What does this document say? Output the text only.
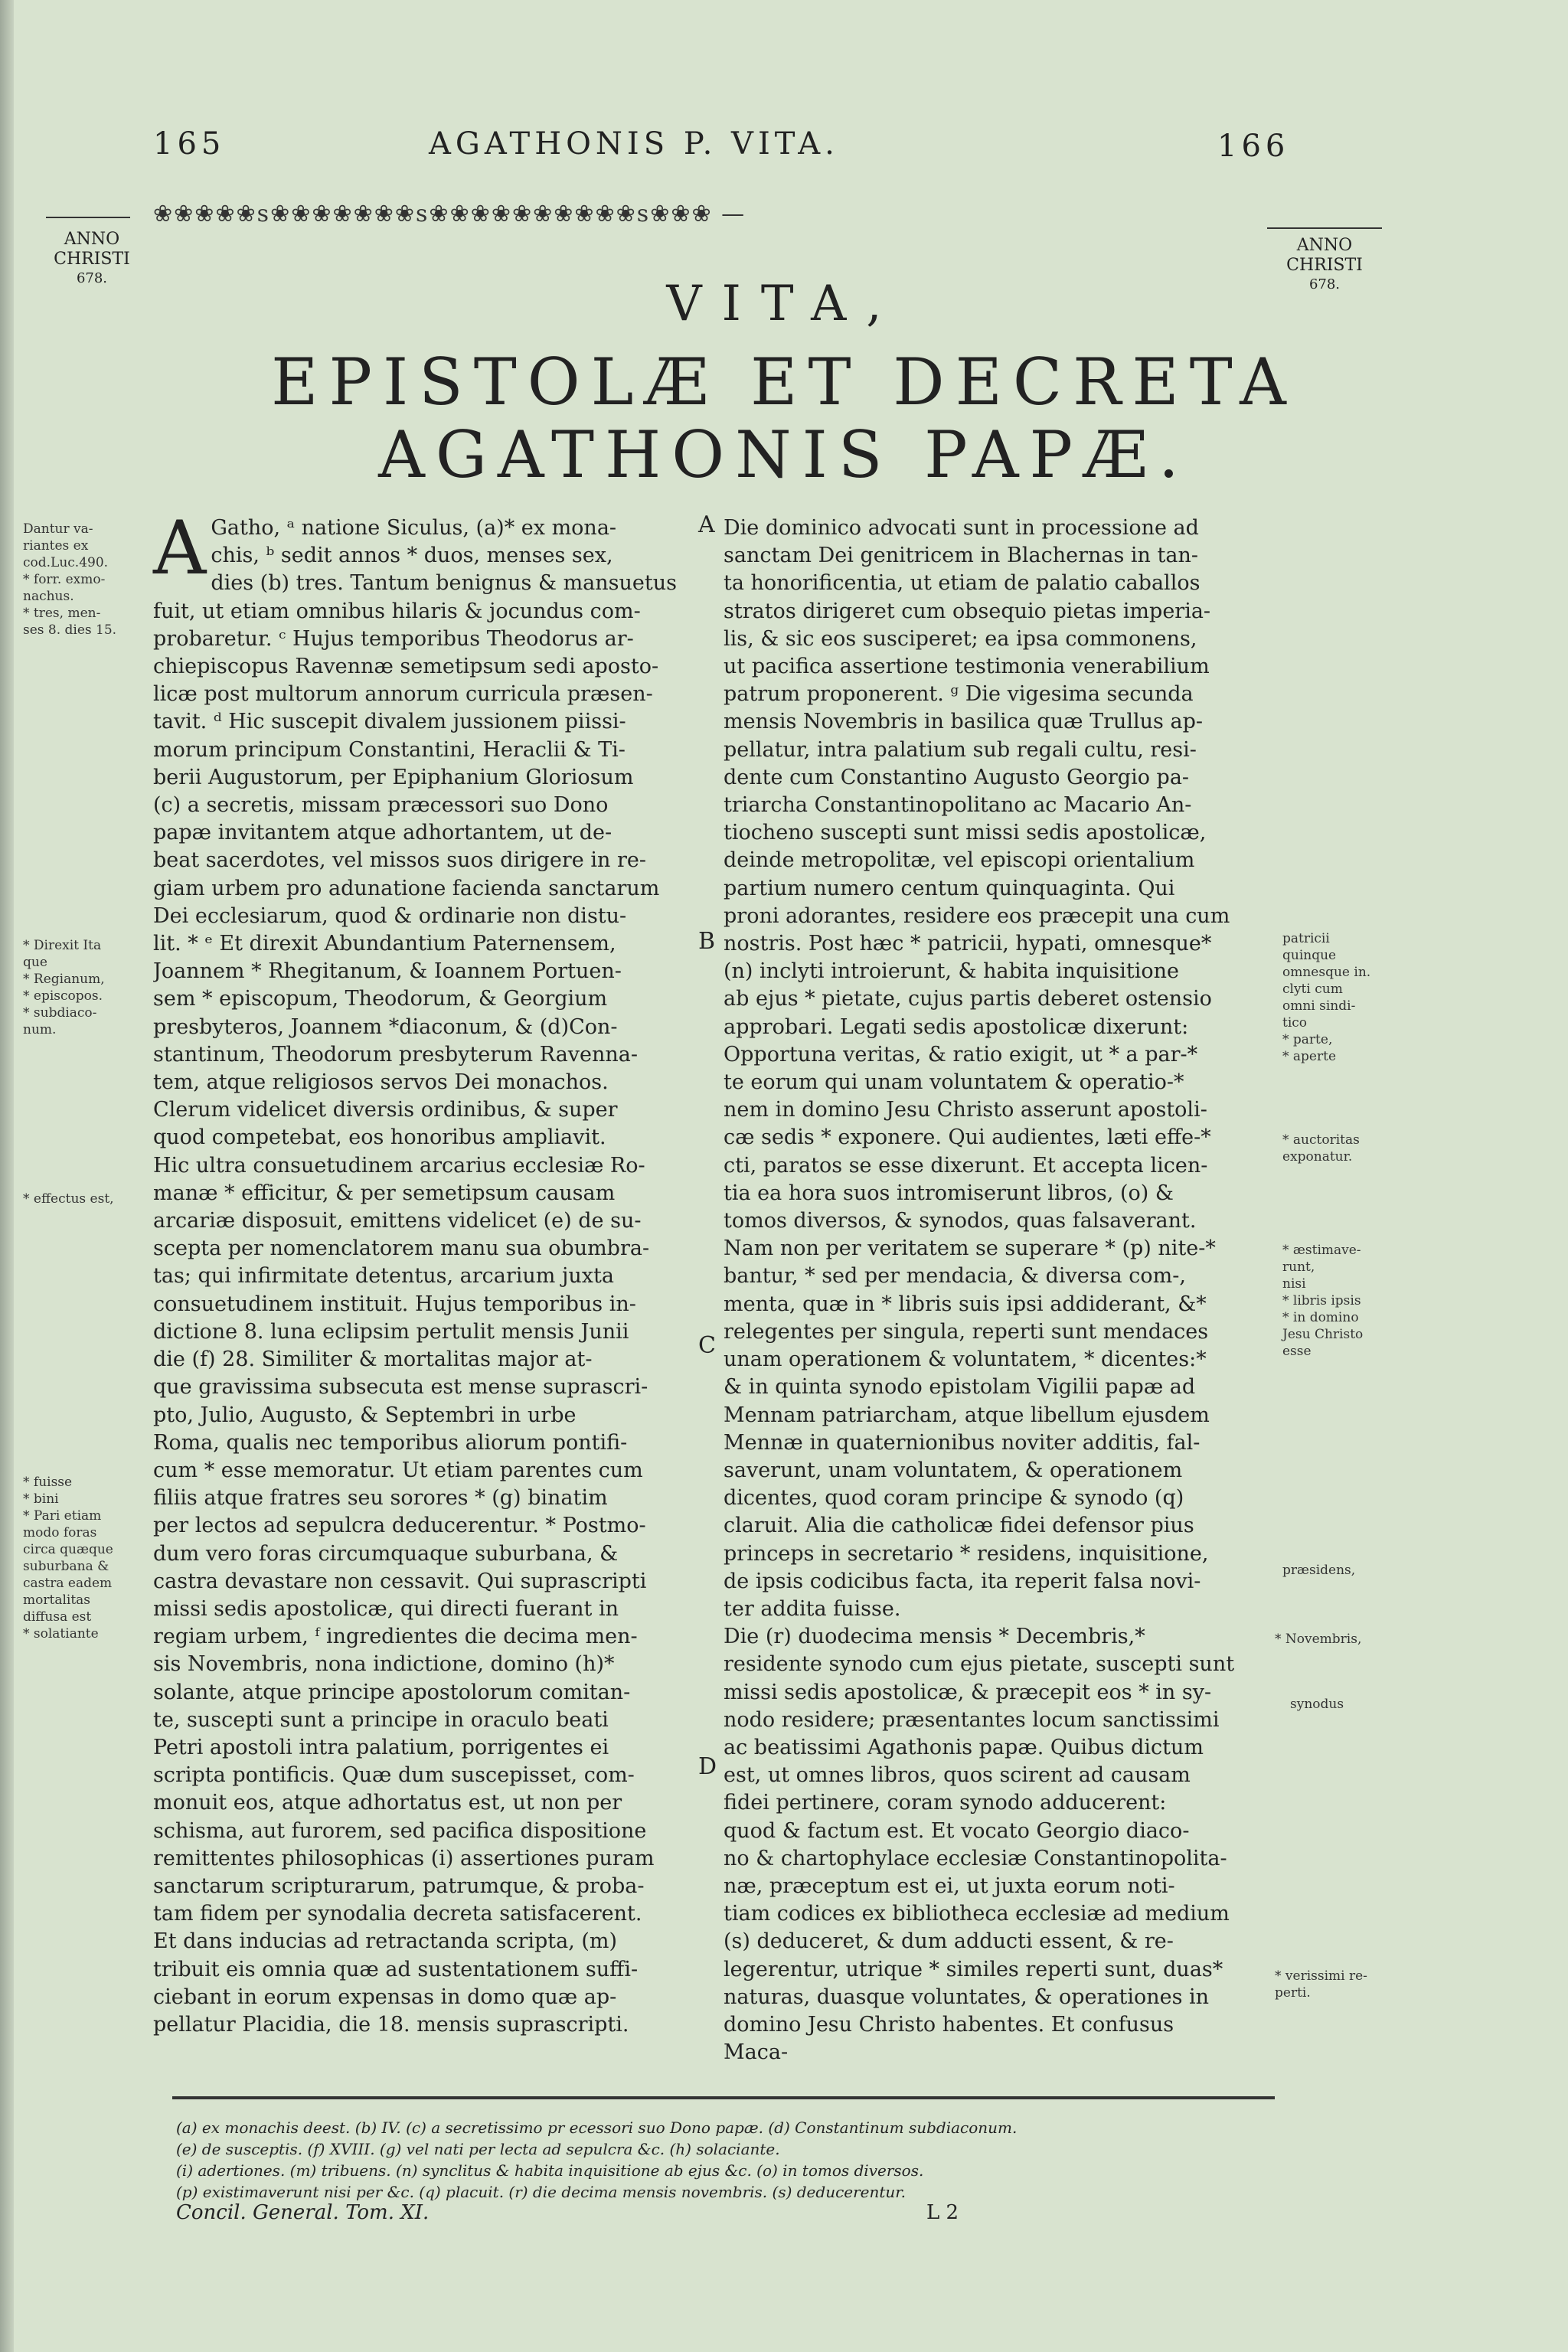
165	AGATHONIS P. VITA.	166
❀❀❀❀❀s❀❀❀❀❀❀❀s❀❀❀❀❀❀❀❀❀❀s❀❀❀ —
ANNO
CHRISTI
678.
ANNO
CHRISTI
678.
VITA,
EPISTOLÆ ET DECRETA
AGATHONIS PAPÆ.
A Gatho, ᵃ natione Siculus, (a)* ex mona-
chis, ᵇ sedit annos * duos, menses sex,
dies (b) tres. Tantum benignus & mansuetus
fuit, ut etiam omnibus hilaris & jocundus com-
probaretur. ᶜ Hujus temporibus Theodorus ar-
chiepiscopus Ravennæ semetipsum sedi aposto-
licæ post multorum annorum curricula præsen-
tavit. ᵈ Hic suscepit divalem jussionem piissi-
morum principum Constantini, Heraclii & Ti-
berii Augustorum, per Epiphanium Gloriosum
(c) a secretis, missam præcessori suo Dono
papæ invitantem atque adhortantem, ut de-
beat sacerdotes, vel missos suos dirigere in re-
giam urbem pro adunatione facienda sanctarum
Dei ecclesiarum, quod & ordinarie non distu-
lit. * ᵉ Et direxit Abundantium Paternensem,
Joannem * Rhegitanum, & Ioannem Portuen-
sem * episcopum, Theodorum, & Georgium
presbyteros, Joannem *diaconum, & (d)Con-
stantinum, Theodorum presbyterum Ravenna-
tem, atque religiosos servos Dei monachos.
Clerum videlicet diversis ordinibus, & super
quod competebat, eos honoribus ampliavit.
Hic ultra consuetudinem arcarius ecclesiæ Ro-
manæ * efficitur, & per semetipsum causam
arcariæ disposuit, emittens videlicet (e) de su-
scepta per nomenclatorem manu sua obumbra-
tas; qui infirmitate detentus, arcarium juxta
consuetudinem instituit. Hujus temporibus in-
dictione 8. luna eclipsim pertulit mensis Junii
die (f) 28. Similiter & mortalitas major at-
que gravissima subsecuta est mense suprascri-
pto, Julio, Augusto, & Septembri in urbe
Roma, qualis nec temporibus aliorum pontifi-
cum * esse memoratur. Ut etiam parentes cum
filiis atque fratres seu sorores * (g) binatim
per lectos ad sepulcra deducerentur. * Postmo-
dum vero foras circumquaque suburbana, &
castra devastare non cessavit. Qui suprascripti
missi sedis apostolicæ, qui directi fuerant in
regiam urbem, ᶠ ingredientes die decima men-
sis Novembris, nona indictione, domino (h)*
solante, atque principe apostolorum comitan-
te, suscepti sunt a principe in oraculo beati
Petri apostoli intra palatium, porrigentes ei
scripta pontificis. Quæ dum suscepisset, com-
monuit eos, atque adhortatus est, ut non per
schisma, aut furorem, sed pacifica dispositione
remittentes philosophicas (i) assertiones puram
sanctarum scripturarum, patrumque, & proba-
tam fidem per synodalia decreta satisfacerent.
Et dans inducias ad retractanda scripta, (m)
tribuit eis omnia quæ ad sustentationem suffi-
ciebant in eorum expensas in domo quæ ap-
pellatur Placidia, die 18. mensis suprascripti.
Die dominico advocati sunt in processione ad
sanctam Dei genitricem in Blachernas in tan-
ta honorificentia, ut etiam de palatio caballos
stratos dirigeret cum obsequio pietas imperia-
lis, & sic eos susciperet; ea ipsa commonens,
ut pacifica assertione testimonia venerabilium
patrum proponerent. ᵍ Die vigesima secunda
mensis Novembris in basilica quæ Trullus ap-
pellatur, intra palatium sub regali cultu, resi-
dente cum Constantino Augusto Georgio pa-
triarcha Constantinopolitano ac Macario An-
tiocheno suscepti sunt missi sedis apostolicæ,
deinde metropolitæ, vel episcopi orientalium
partium numero centum quinquaginta. Qui
proni adorantes, residere eos præcepit una cum
nostris. Post hæc * patricii, hypati, omnesque*
(n) inclyti introierunt, & habita inquisitione
ab ejus * pietate, cujus partis deberet ostensio
approbari. Legati sedis apostolicæ dixerunt:
Opportuna veritas, & ratio exigit, ut * a par-*
te eorum qui unam voluntatem & operatio-*
nem in domino Jesu Christo asserunt apostoli-
cæ sedis * exponere. Qui audientes, læti effe-*
cti, paratos se esse dixerunt. Et accepta licen-
tia ea hora suos intromiserunt libros, (o) &
tomos diversos, & synodos, quas falsaverant.
Nam non per veritatem se superare * (p) nite-*
bantur, * sed per mendacia, & diversa com-,
menta, quæ in * libris suis ipsi addiderant, &*
relegentes per singula, reperti sunt mendaces
unam operationem & voluntatem, * dicentes:*
& in quinta synodo epistolam Vigilii papæ ad
Mennam patriarcham, atque libellum ejusdem
Mennæ in quaternionibus noviter additis, fal-
saverunt, unam voluntatem, & operationem
dicentes, quod coram principe & synodo (q)
claruit. Alia die catholicæ fidei defensor pius
princeps in secretario * residens, inquisitione,
de ipsis codicibus facta, ita reperit falsa novi-
ter addita fuisse.
Die (r) duodecima mensis * Decembris,*
residente synodo cum ejus pietate, suscepti sunt
missi sedis apostolicæ, & præcepit eos * in sy-
nodo residere; præsentantes locum sanctissimi
ac beatissimi Agathonis papæ. Quibus dictum
est, ut omnes libros, quos scirent ad causam
fidei pertinere, coram synodo adducerent:
quod & factum est. Et vocato Georgio diaco-
no & chartophylace ecclesiæ Constantinopolita-
næ, præceptum est ei, ut juxta eorum noti-
tiam codices ex bibliotheca ecclesiæ ad medium
(s) deduceret, & dum adducti essent, & re-
legerentur, utrique * similes reperti sunt, duas*
naturas, duasque voluntates, & operationes in
domino Jesu Christo habentes. Et confusus
Maca-
A
B
C
D
Dantur va-
riantes ex
cod.Luc.490.
* forr. exmo-
nachus.
* tres, men-
ses 8. dies 15.
* Direxit Ita
que
* Regianum,
* episcopos.
* subdiaco-
num.
* effectus est,
* fuisse
* bini
* Pari etiam
modo foras
circa quæque
suburbana &
castra eadem
mortalitas
diffusa est
* solatiante
patricii
quinque
omnesque in.
clyti cum
omni sindi-
tico
* parte,
* aperte
* auctoritas
exponatur.
* æstimave-
runt,
nisi
* libris ipsis
* in domino
Jesu Christo
esse
præsidens,
* Novembris,
synodus
* verissimi re-
perti.
(a) ex monachis deest. (b) IV. (c) a secretissimo pr ecessori suo Dono papæ. (d) Constantinum subdiaconum.
(e) de susceptis. (f) XVIII. (g) vel nati per lecta ad sepulcra &c. (h) solaciante.
(i) adertiones. (m) tribuens. (n) synclitus & habita inquisitione ab ejus &c. (o) in tomos diversos.
(p) existimaverunt nisi per &c. (q) placuit. (r) die decima mensis novembris. (s) deducerentur.
Concil. General. Tom. XI.	L 2
